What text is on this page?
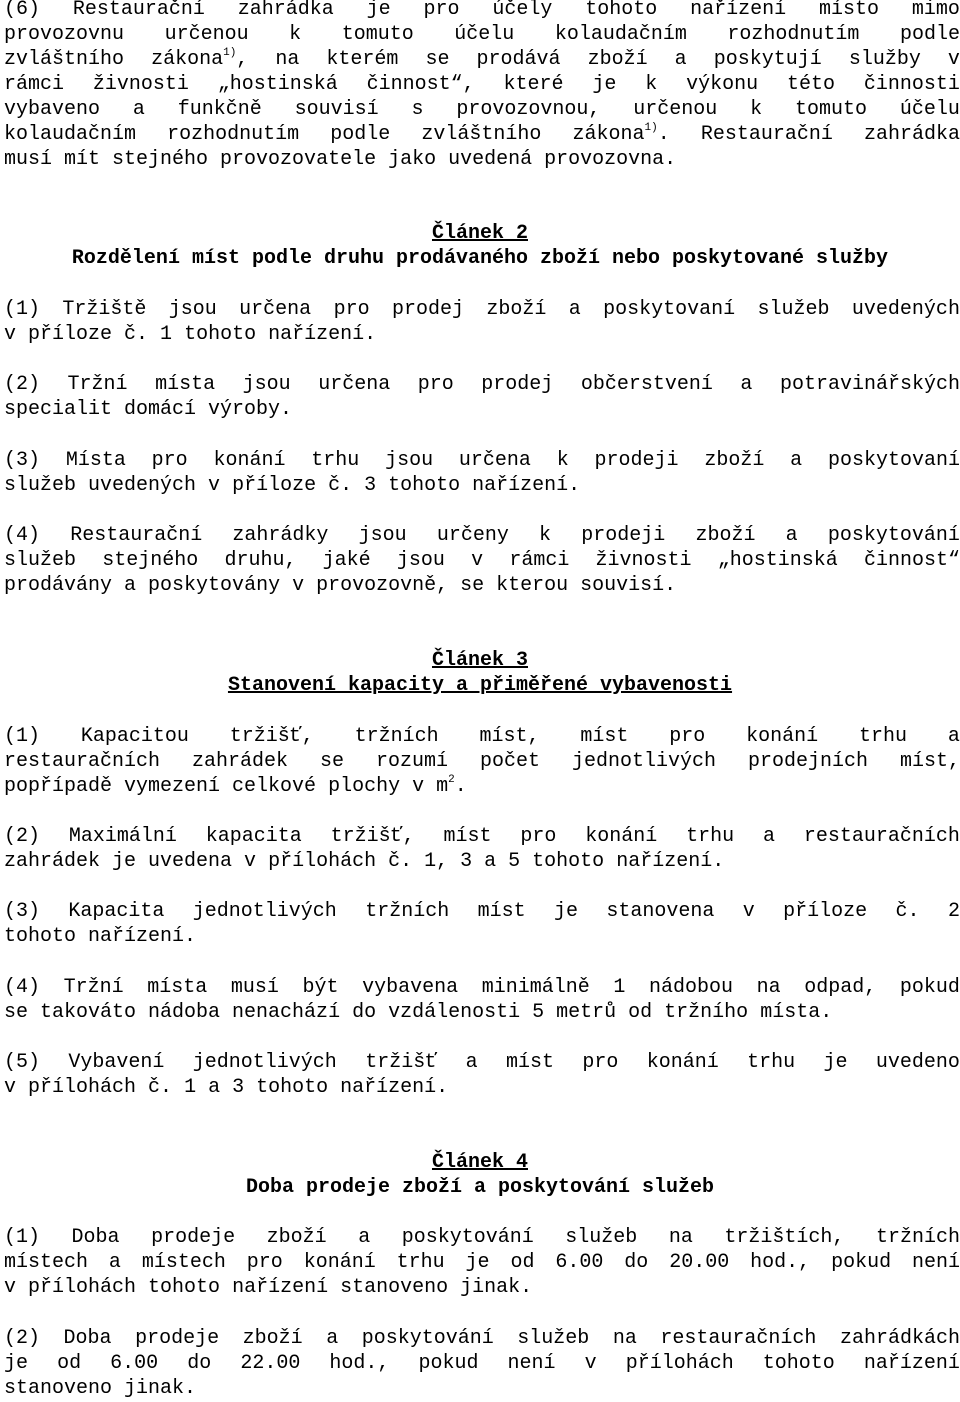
(6) Restaurační zahrádka je pro účely tohoto nařízení místo mimo
provozovnu určenou k tomuto účelu kolaudačním rozhodnutím podle
zvláštního zákona$^{1)}$, na kterém se prodává zboží a poskytují služby v
rámci živnosti „hostinská činnost“, které je k výkonu této činnosti
vybaveno a funkčně souvisí s provozovnou, určenou k tomuto účelu
kolaudačním rozhodnutím podle zvláštního zákona$^{1)}$. Restaurační zahrádka
musí mít stejného provozovatele jako uvedená provozovna.
Článek 2
Rozdělení míst podle druhu prodávaného zboží nebo poskytované služby
(1) Tržiště jsou určena pro prodej zboží a poskytovaní služeb uvedených
v příloze č. 1 tohoto nařízení.
(2) Tržní místa jsou určena pro prodej občerstvení a potravinářských
specialit domácí výroby.
(3) Místa pro konání trhu jsou určena k prodeji zboží a poskytovaní
služeb uvedených v příloze č. 3 tohoto nařízení.
(4) Restaurační zahrádky jsou určeny k prodeji zboží a poskytování
služeb stejného druhu, jaké jsou v rámci živnosti „hostinská činnost“
prodávány a poskytovány v provozovně, se kterou souvisí.
Článek 3
Stanovení kapacity a přiměřené vybavenosti
(1) Kapacitou tržišť, tržních míst, míst pro konání trhu a
restauračních zahrádek se rozumí počet jednotlivých prodejních míst,
popřípadě vymezení celkové plochy v $m^2$.
(2) Maximální kapacita tržišť, míst pro konání trhu a restauračních
zahrádek je uvedena v přílohách č. 1, 3 a 5 tohoto nařízení.
(3) Kapacita jednotlivých tržních míst je stanovena v příloze č. 2
tohoto nařízení.
(4) Tržní místa musí být vybavena minimálně 1 nádobou na odpad, pokud
se takováto nádoba nenachází do vzdálenosti 5 metrů od tržního místa.
(5) Vybavení jednotlivých tržišť a míst pro konání trhu je uvedeno
v přílohách č. 1 a 3 tohoto nařízení.
Článek 4
Doba prodeje zboží a poskytování služeb
(1) Doba prodeje zboží a poskytování služeb na tržištích, tržních
místech a místech pro konání trhu je od 6.00 do 20.00 hod., pokud není
v přílohách tohoto nařízení stanoveno jinak.
(2) Doba prodeje zboží a poskytování služeb na restauračních zahrádkách
je od 6.00 do 22.00 hod., pokud není v přílohách tohoto nařízení
stanoveno jinak.
